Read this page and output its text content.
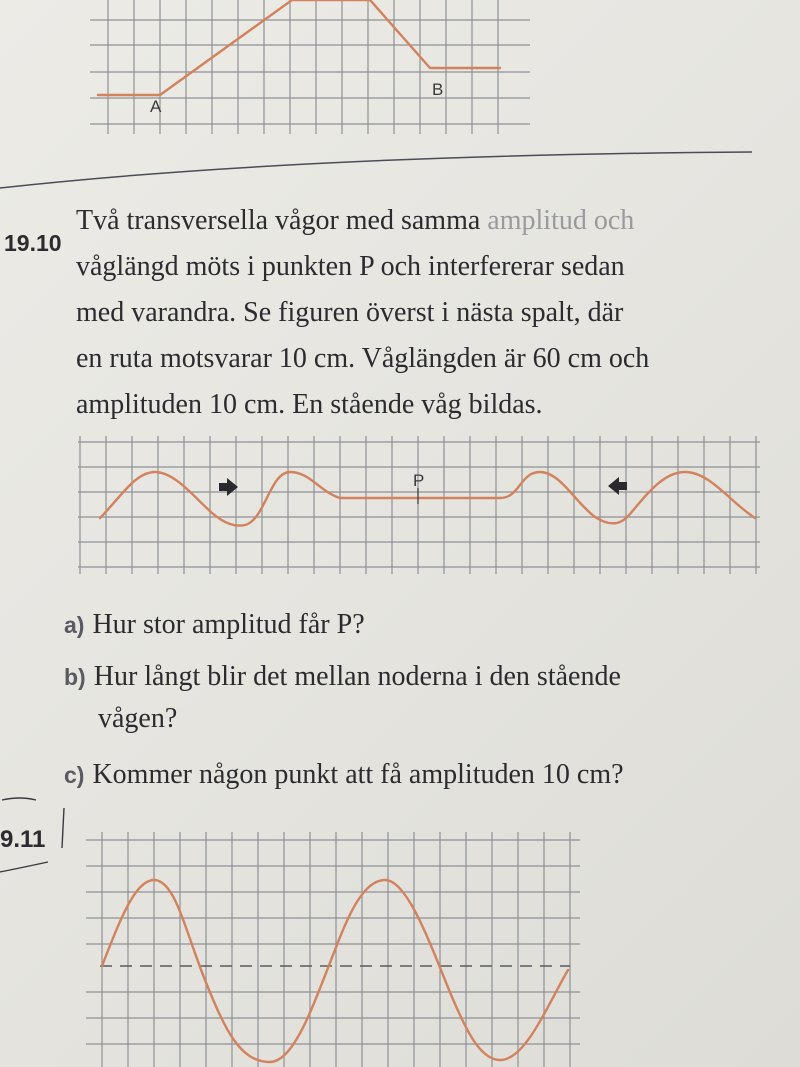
A
B
19.10
Två transversella vågor med samma amplitud och
våglängd möts i punkten P och interfererar sedan
med varandra. Se figuren överst i nästa spalt, där
en ruta motsvarar 10 cm. Våglängden är 60 cm och
amplituden 10 cm. En stående våg bildas.
P
a) Hur stor amplitud får P?
b) Hur långt blir det mellan noderna i den stående
vågen?
c) Kommer någon punkt att få amplituden 10 cm?
9.11
